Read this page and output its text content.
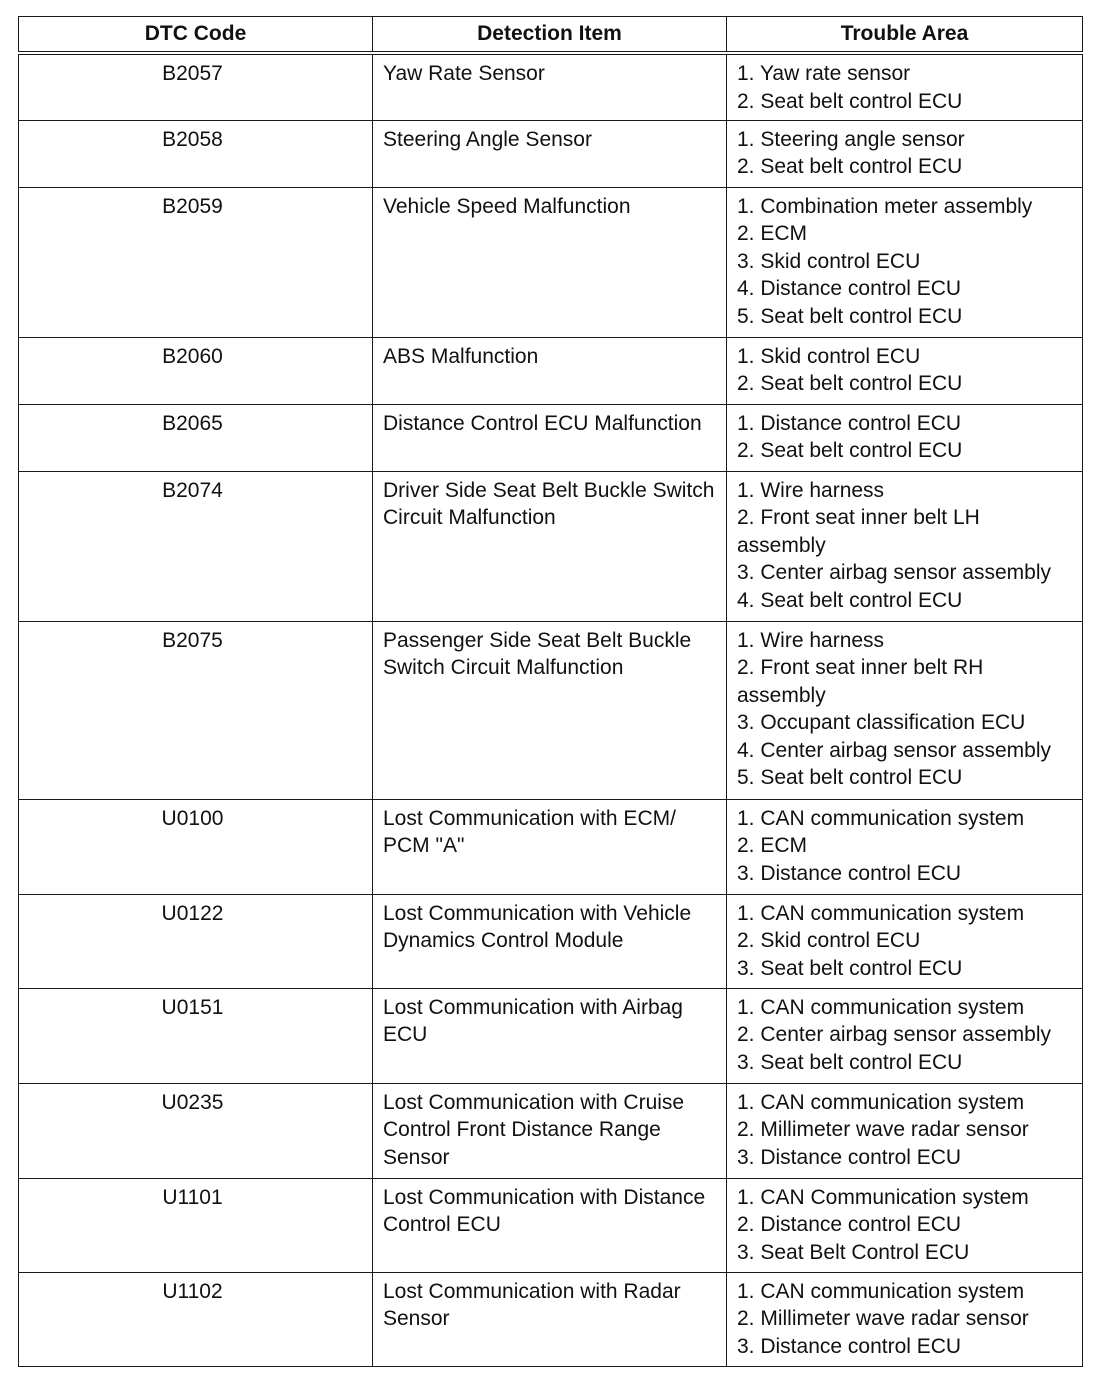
DTC Code	Detection Item	Trouble Area
B2057	Yaw Rate Sensor	1. Yaw rate sensor
2. Seat belt control ECU

B2058	Steering Angle Sensor	1. Steering angle sensor
2. Seat belt control ECU

B2059	Vehicle Speed Malfunction	1. Combination meter assembly
2. ECM
3. Skid control ECU
4. Distance control ECU
5. Seat belt control ECU

B2060	ABS Malfunction	1. Skid control ECU
2. Seat belt control ECU

B2065	Distance Control ECU Malfunction	1. Distance control ECU
2. Seat belt control ECU

B2074	Driver Side Seat Belt Buckle Switch Circuit Malfunction	1. Wire harness
2. Front seat inner belt LH assembly
3. Center airbag sensor assembly
4. Seat belt control ECU

B2075	Passenger Side Seat Belt Buckle Switch Circuit Malfunction	1. Wire harness
2. Front seat inner belt RH assembly
3. Occupant classification ECU
4. Center airbag sensor assembly
5. Seat belt control ECU

U0100	Lost Communication with ECM/ PCM "A"	1. CAN communication system
2. ECM
3. Distance control ECU

U0122	Lost Communication with Vehicle Dynamics Control Module	1. CAN communication system
2. Skid control ECU
3. Seat belt control ECU

U0151	Lost Communication with Airbag ECU	1. CAN communication system
2. Center airbag sensor assembly
3. Seat belt control ECU

U0235	Lost Communication with Cruise Control Front Distance Range Sensor	1. CAN communication system
2. Millimeter wave radar sensor
3. Distance control ECU

U1101	Lost Communication with Distance Control ECU	1. CAN Communication system
2. Distance control ECU
3. Seat Belt Control ECU

U1102	Lost Communication with Radar Sensor	1. CAN communication system
2. Millimeter wave radar sensor
3. Distance control ECU
